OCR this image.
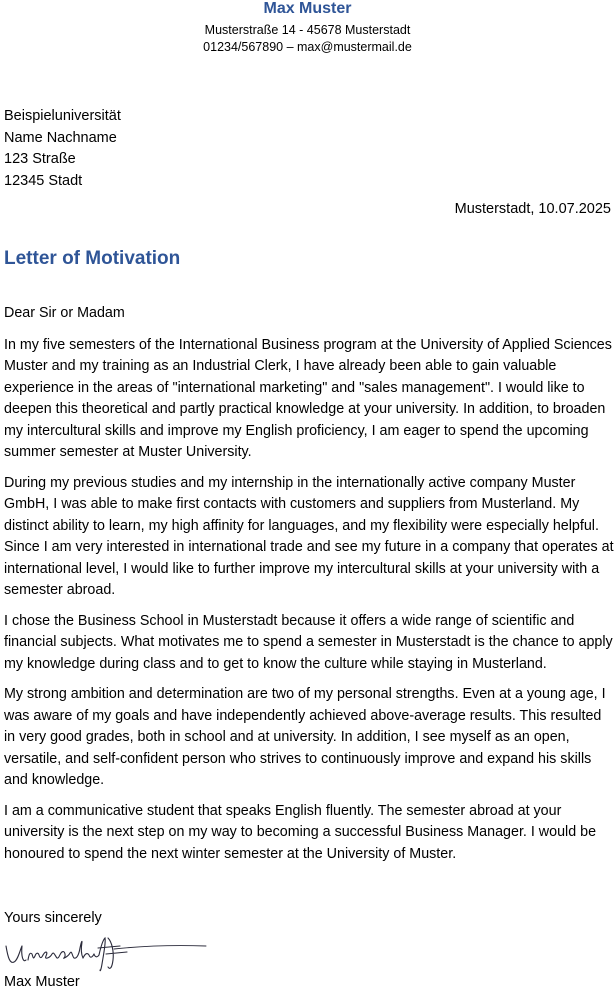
Max Muster
Musterstraße 14 - 45678 Musterstadt
01234/567890 – max@mustermail.de
Beispieluniversität
Name Nachname
123 Straße
12345 Stadt
Musterstadt, 10.07.2025
Letter of Motivation

Dear Sir or Madam

In my five semesters of the International Business program at the University of Applied Sciences Muster and my training as an Industrial Clerk, I have already been able to gain valuable experience in the areas of "international marketing" and "sales management". I would like to deepen this theoretical and partly practical knowledge at your university. In addition, to broaden my intercultural skills and improve my English proficiency, I am eager to spend the upcoming summer semester at Muster University.

During my previous studies and my internship in the internationally active company Muster GmbH, I was able to make first contacts with customers and suppliers from Musterland. My distinct ability to learn, my high affinity for languages, and my flexibility were especially helpful. Since I am very interested in international trade and see my future in a company that operates at international level, I would like to further improve my intercultural skills at your university with a semester abroad.

I chose the Business School in Musterstadt because it offers a wide range of scientific and financial subjects. What motivates me to spend a semester in Musterstadt is the chance to apply my knowledge during class and to get to know the culture while staying in Musterland.

My strong ambition and determination are two of my personal strengths. Even at a young age, I was aware of my goals and have independently achieved above-average results. This resulted in very good grades, both in school and at university. In addition, I see myself as an open, versatile, and self-confident person who strives to continuously improve and expand his skills and knowledge.

I am a communicative student that speaks English fluently. The semester abroad at your university is the next step on my way to becoming a successful Business Manager. I would be honoured to spend the next winter semester at the University of Muster.

Yours sincerely
Max Muster
